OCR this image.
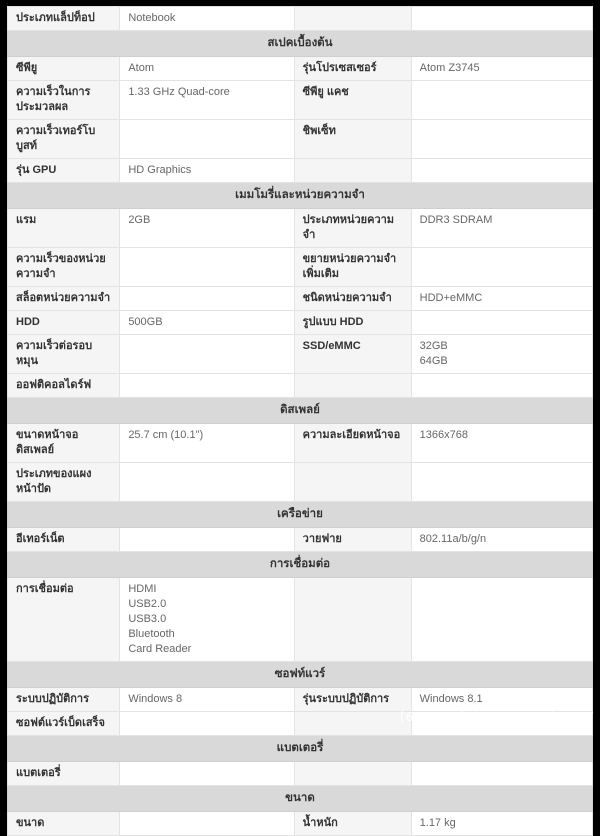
ประเภทแล็ปท็อป	Notebook		

สเปคเบื้องต้น			
ซีพียู	Atom	รุ่นโปรเซสเซอร์	Atom Z3745

ความเร็วในการประมวลผล	1.33 GHz Quad-core	ซีพียู แคช	
ความเร็วเทอร์โบบูสท์		ชิพเซ็ท	
รุ่น GPU	HD Graphics		

เมมโมรี่และหน่วยความจำ			
แรม	2GB	ประเภทหน่วยความจำ	DDR3 SDRAM

ความเร็วของหน่วยความจำ		ขยายหน่วยความจำเพิ่มเติม	
สล็อตหน่วยความจำ		ชนิดหน่วยความจำ	HDD+eMMC

HDD	500GB	รูปแบบ HDD	
ความเร็วต่อรอบหมุน		SSD/eMMC	32GB
64GB

ออฟติคอลไดร์ฟ			
ดิสเพลย์			
ขนาดหน้าจอดิสเพลย์	25.7 cm (10.1")	ความละเอียดหน้าจอ	1366x768

ประเภทของแผงหน้าปัด			
เครือข่าย			
อีเทอร์เน็ต		วายฟาย	802.11a/b/g/n

การเชื่อมต่อ			
การเชื่อมต่อ	HDMI
USB2.0
USB3.0
Bluetooth
Card Reader		

ซอฟท์แวร์			
ระบบปฏิบัติการ	Windows 8	รุ่นระบบปฏิบัติการ	Windows 8.1

ซอฟต์แวร์เบ็ดเสร็จ			
แบตเตอรี่			
แบตเตอรี่			
ขนาด			
ขนาด		น้ำหนัก	1.17 kg
[663x783] https://upic.me/
